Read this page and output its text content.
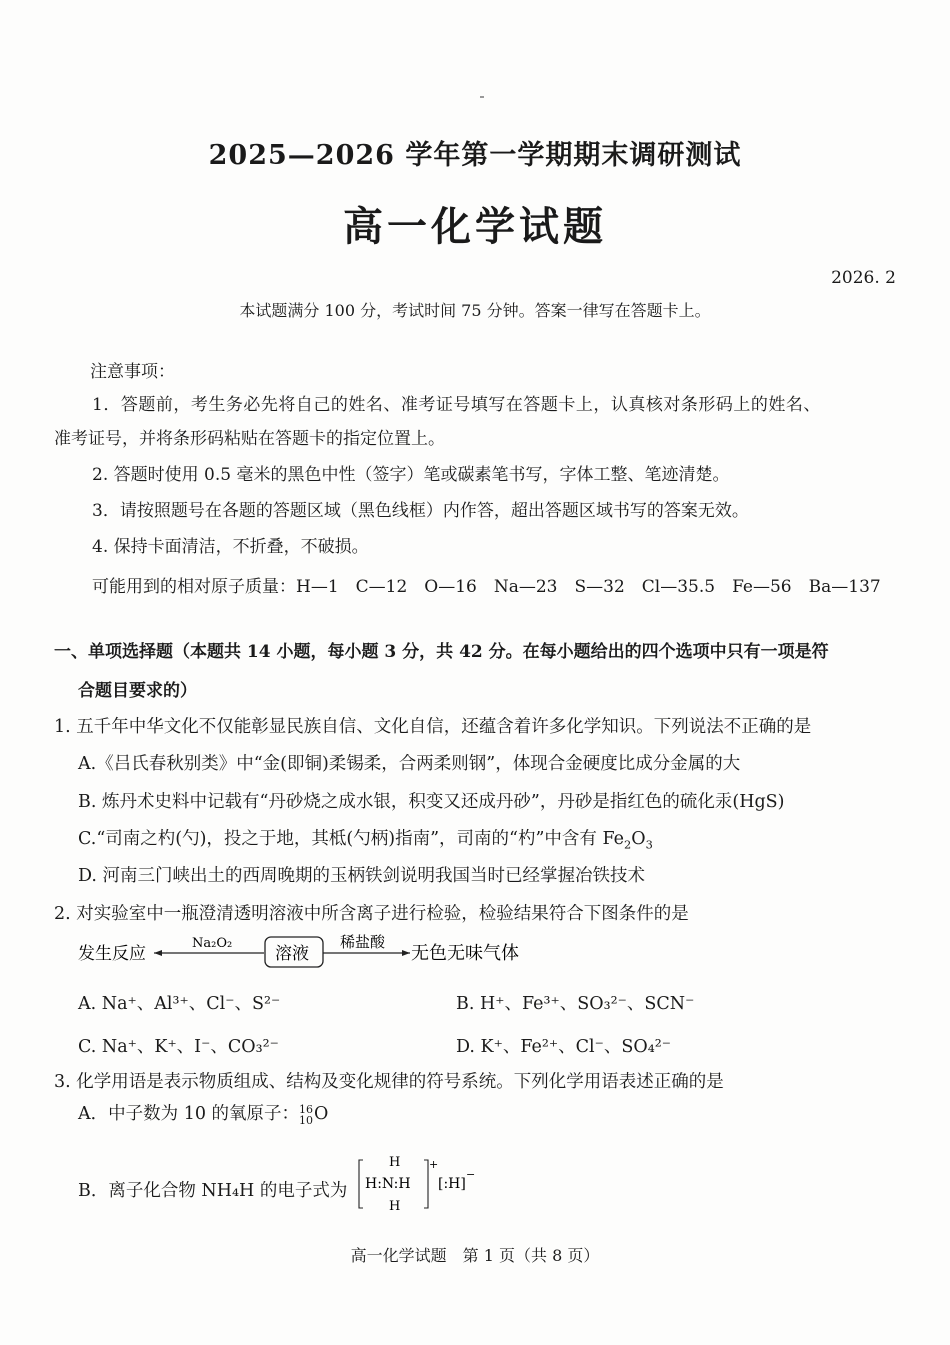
2025—2026 学年第一学期期末调研测试
高一化学试题
2026. 2
本试题满分 100 分，考试时间 75 分钟。答案一律写在答题卡上。
注意事项：
1．答题前，考生务必先将自己的姓名、准考证号填写在答题卡上，认真核对条形码上的姓名、
准考证号，并将条形码粘贴在答题卡的指定位置上。
2. 答题时使用 0.5 毫米的黑色中性（签字）笔或碳素笔书写，字体工整、笔迹清楚。
3．请按照题号在各题的答题区域（黑色线框）内作答，超出答题区域书写的答案无效。
4. 保持卡面清洁，不折叠，不破损。
可能用到的相对原子质量：H—1　C—12　O—16　Na—23　S—32　Cl—35.5　Fe—56　Ba—137
一、单项选择题（本题共 14 小题，每小题 3 分，共 42 分。在每小题给出的四个选项中只有一项是符
合题目要求的）
1. 五千年中华文化不仅能彰显民族自信、文化自信，还蕴含着许多化学知识。下列说法不正确的是
A.《吕氏春秋别类》中“金(即铜)柔锡柔，合两柔则钢”，体现合金硬度比成分金属的大
B. 炼丹术史料中记载有“丹砂烧之成水银，积变又还成丹砂”，丹砂是指红色的硫化汞(HgS)
C.“司南之杓(勺)，投之于地，其柢(勺柄)指南”，司南的“杓”中含有 $Fe_2O_3$
D. 河南三门峡出土的西周晚期的玉柄铁剑说明我国当时已经掌握冶铁技术
2. 对实验室中一瓶澄清透明溶液中所含离子进行检验，检验结果符合下图条件的是
发生反应
Na₂O₂
溶液
稀盐酸
无色无味气体
A. Na⁺、Al³⁺、Cl⁻、S²⁻	B. H⁺、Fe³⁺、SO₃²⁻、SCN⁻
C. Na⁺、K⁺、I⁻、CO₃²⁻	D. K⁺、Fe²⁺、Cl⁻、SO₄²⁻
3. 化学用语是表示物质组成、结构及变化规律的符号系统。下列化学用语表述正确的是
A．中子数为 10 的氧原子： 16
10 O
B．离子化合物 NH₄H 的电子式为
H
H:N:H
H
+
[:H]
−
高一化学试题　第 1 页（共 8 页）
